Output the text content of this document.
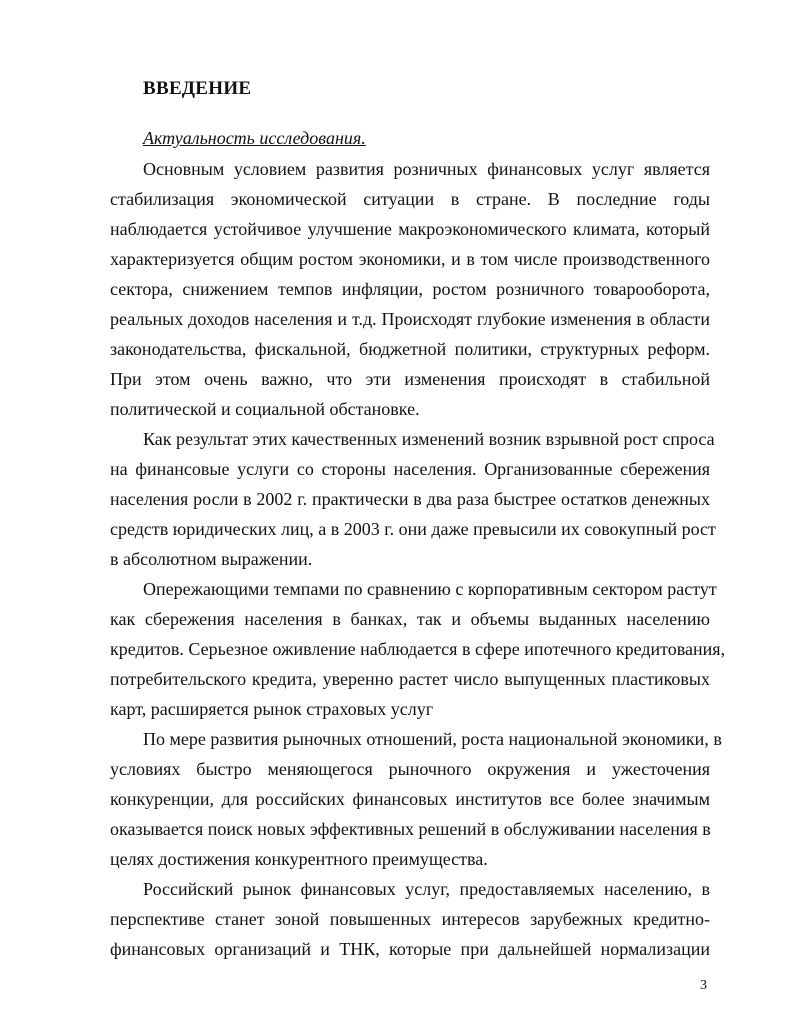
ВВЕДЕНИЕ
Актуальность исследования.
Основным условием развития розничных финансовых услуг является
стабилизация экономической ситуации в стране. В последние годы
наблюдается устойчивое улучшение макроэкономического климата, который
характеризуется общим ростом экономики, и в том числе производственного
сектора, снижением темпов инфляции, ростом розничного товарооборота,
реальных доходов населения и т.д. Происходят глубокие изменения в области
законодательства, фискальной, бюджетной политики, структурных реформ.
При этом очень важно, что эти изменения происходят в стабильной
политической и социальной обстановке.
Как результат этих качественных изменений возник взрывной рост спроса
на финансовые услуги со стороны населения. Организованные сбережения
населения росли в 2002 г. практически в два раза быстрее остатков денежных
средств юридических лиц, а в 2003 г. они даже превысили их совокупный рост
в абсолютном выражении.
Опережающими темпами по сравнению с корпоративным сектором растут
как сбережения населения в банках, так и объемы выданных населению
кредитов. Серьезное оживление наблюдается в сфере ипотечного кредитования,
потребительского кредита, уверенно растет число выпущенных пластиковых
карт, расширяется рынок страховых услуг
По мере развития рыночных отношений, роста национальной экономики, в
условиях быстро меняющегося рыночного окружения и ужесточения
конкуренции, для российских финансовых институтов все более значимым
оказывается поиск новых эффективных решений в обслуживании населения в
целях достижения конкурентного преимущества.
Российский рынок финансовых услуг, предоставляемых населению, в
перспективе станет зоной повышенных интересов зарубежных кредитно-
финансовых организаций и ТНК, которые при дальнейшей нормализации
3
